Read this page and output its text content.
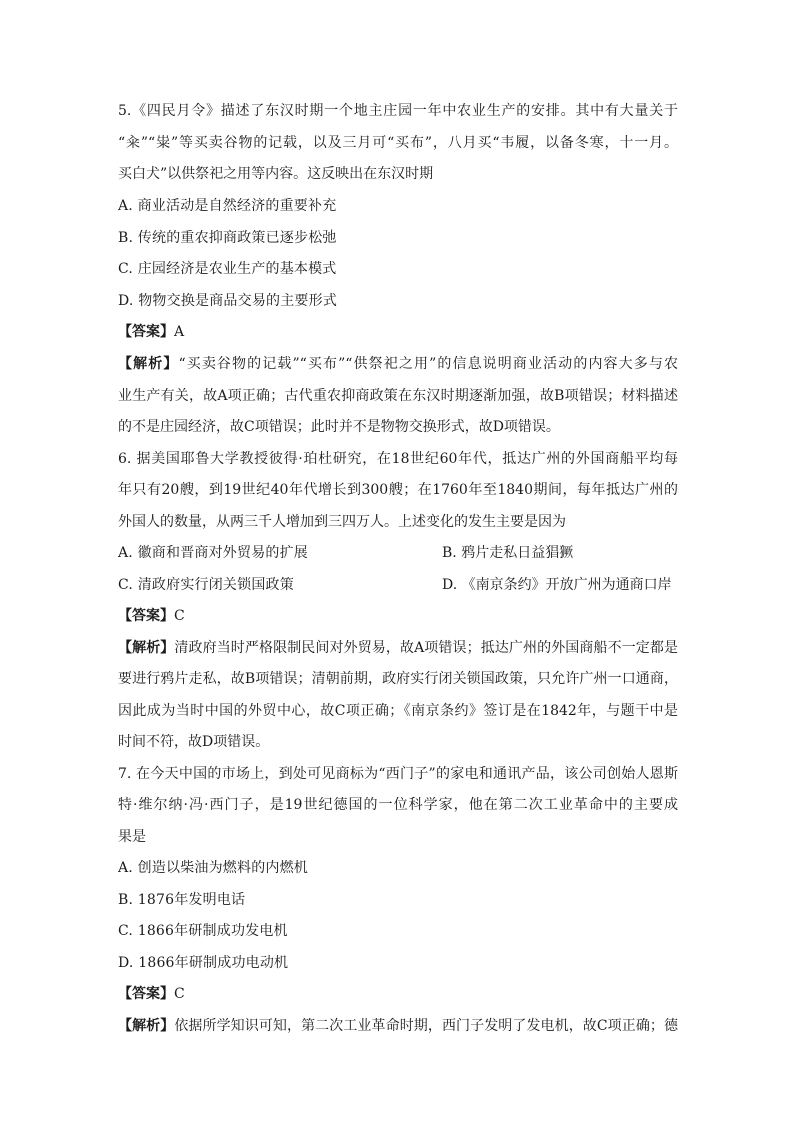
5.《四民月令》描述了东汉时期一个地主庄园一年中农业生产的安排。其中有大量关于
“籴”“粜”等买卖谷物的记载，以及三月可“买布”，八月买“韦履，以备冬寒，十一月。
买白犬”以供祭祀之用等内容。这反映出在东汉时期
A. 商业活动是自然经济的重要补充
B. 传统的重农抑商政策已逐步松弛
C. 庄园经济是农业生产的基本模式
D. 物物交换是商品交易的主要形式
【答案】A
【解析】“买卖谷物的记载”“买布”“供祭祀之用”的信息说明商业活动的内容大多与农
业生产有关，故A项正确；古代重农抑商政策在东汉时期逐渐加强，故B项错误；材料描述
的不是庄园经济，故C项错误；此时并不是物物交换形式，故D项错误。
6. 据美国耶鲁大学教授彼得·珀杜研究，在18世纪60年代，抵达广州的外国商船平均每
年只有20艘，到19世纪40年代增长到300艘；在1760年至1840期间，每年抵达广州的
外国人的数量，从两三千人增加到三四万人。上述变化的发生主要是因为
A. 徽商和晋商对外贸易的扩展	B. 鸦片走私日益猖獗
C. 清政府实行闭关锁国政策	D. 《南京条约》开放广州为通商口岸
【答案】C
【解析】清政府当时严格限制民间对外贸易，故A项错误；抵达广州的外国商船不一定都是
要进行鸦片走私，故B项错误；清朝前期，政府实行闭关锁国政策，只允许广州一口通商，
因此成为当时中国的外贸中心，故C项正确；《南京条约》签订是在1842年，与题干中是
时间不符，故D项错误。
7. 在今天中国的市场上，到处可见商标为“西门子”的家电和通讯产品，该公司创始人恩斯
特·维尔纳·冯·西门子，是19世纪德国的一位科学家，他在第二次工业革命中的主要成
果是
A. 创造以柴油为燃料的内燃机
B. 1876年发明电话
C. 1866年研制成功发电机
D. 1866年研制成功电动机
【答案】C
【解析】依据所学知识可知，第二次工业革命时期，西门子发明了发电机，故C项正确；德
